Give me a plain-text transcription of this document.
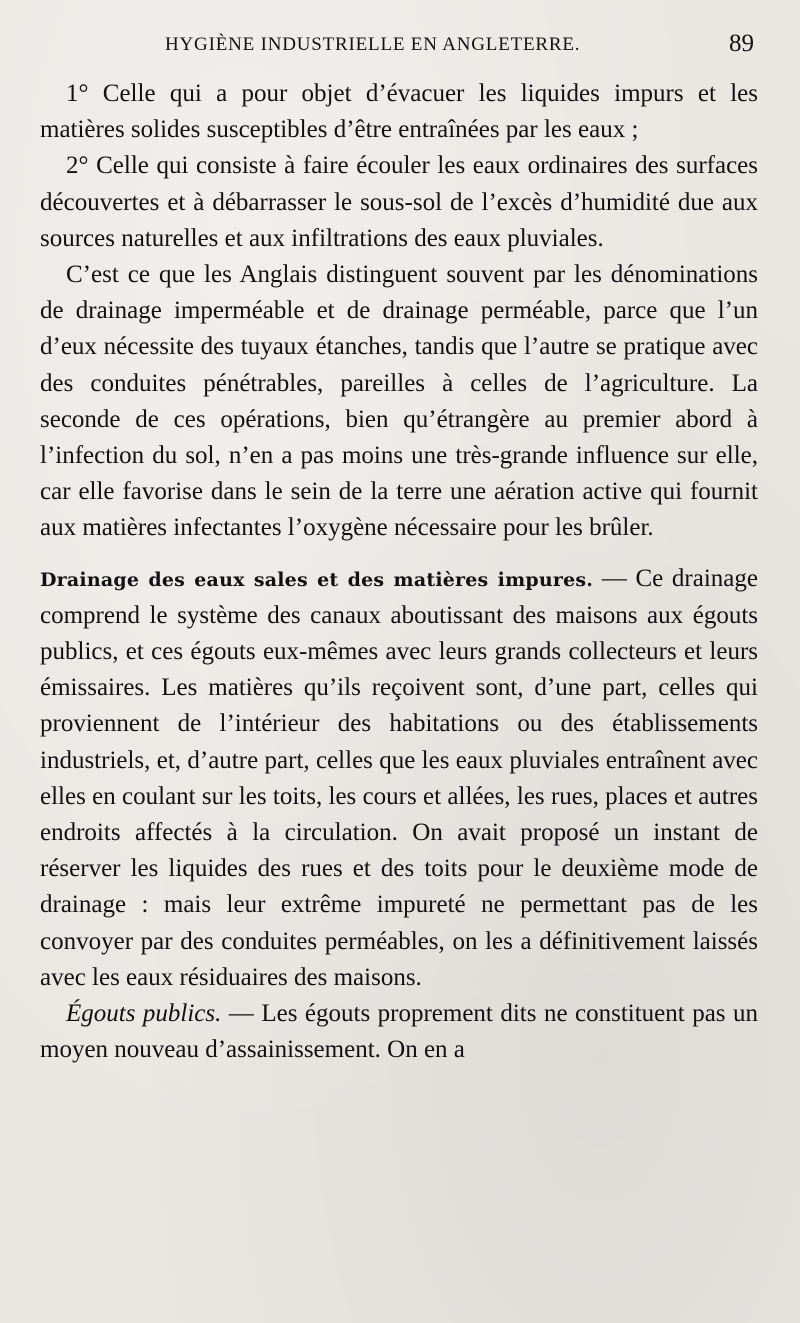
HYGIÈNE INDUSTRIELLE EN ANGLETERRE.	89

1° Celle qui a pour objet d’évacuer les liquides impurs et les matières solides susceptibles d’être entraînées par les eaux ;

2° Celle qui consiste à faire écouler les eaux ordinaires des surfaces découvertes et à débarrasser le sous-sol de l’excès d’humidité due aux sources naturelles et aux infiltrations des eaux pluviales.

C’est ce que les Anglais distinguent souvent par les dénominations de drainage imperméable et de drainage perméable, parce que l’un d’eux nécessite des tuyaux étanches, tandis que l’autre se pratique avec des conduites pénétrables, pareilles à celles de l’agriculture. La seconde de ces opérations, bien qu’étrangère au premier abord à l’infection du sol, n’en a pas moins une très-grande influence sur elle, car elle favorise dans le sein de la terre une aération active qui fournit aux matières infectantes l’oxygène nécessaire pour les brûler.

Drainage des eaux sales et des matières impures. — Ce drainage comprend le système des canaux aboutissant des maisons aux égouts publics, et ces égouts eux-mêmes avec leurs grands collecteurs et leurs émissaires. Les matières qu’ils reçoivent sont, d’une part, celles qui proviennent de l’intérieur des habitations ou des établissements industriels, et, d’autre part, celles que les eaux pluviales entraînent avec elles en coulant sur les toits, les cours et allées, les rues, places et autres endroits affectés à la circulation. On avait proposé un instant de réserver les liquides des rues et des toits pour le deuxième mode de drainage : mais leur extrême impureté ne permettant pas de les convoyer par des conduites perméables, on les a définitivement laissés avec les eaux résiduaires des maisons.

Égouts publics. — Les égouts proprement dits ne constituent pas un moyen nouveau d’assainissement. On en a
